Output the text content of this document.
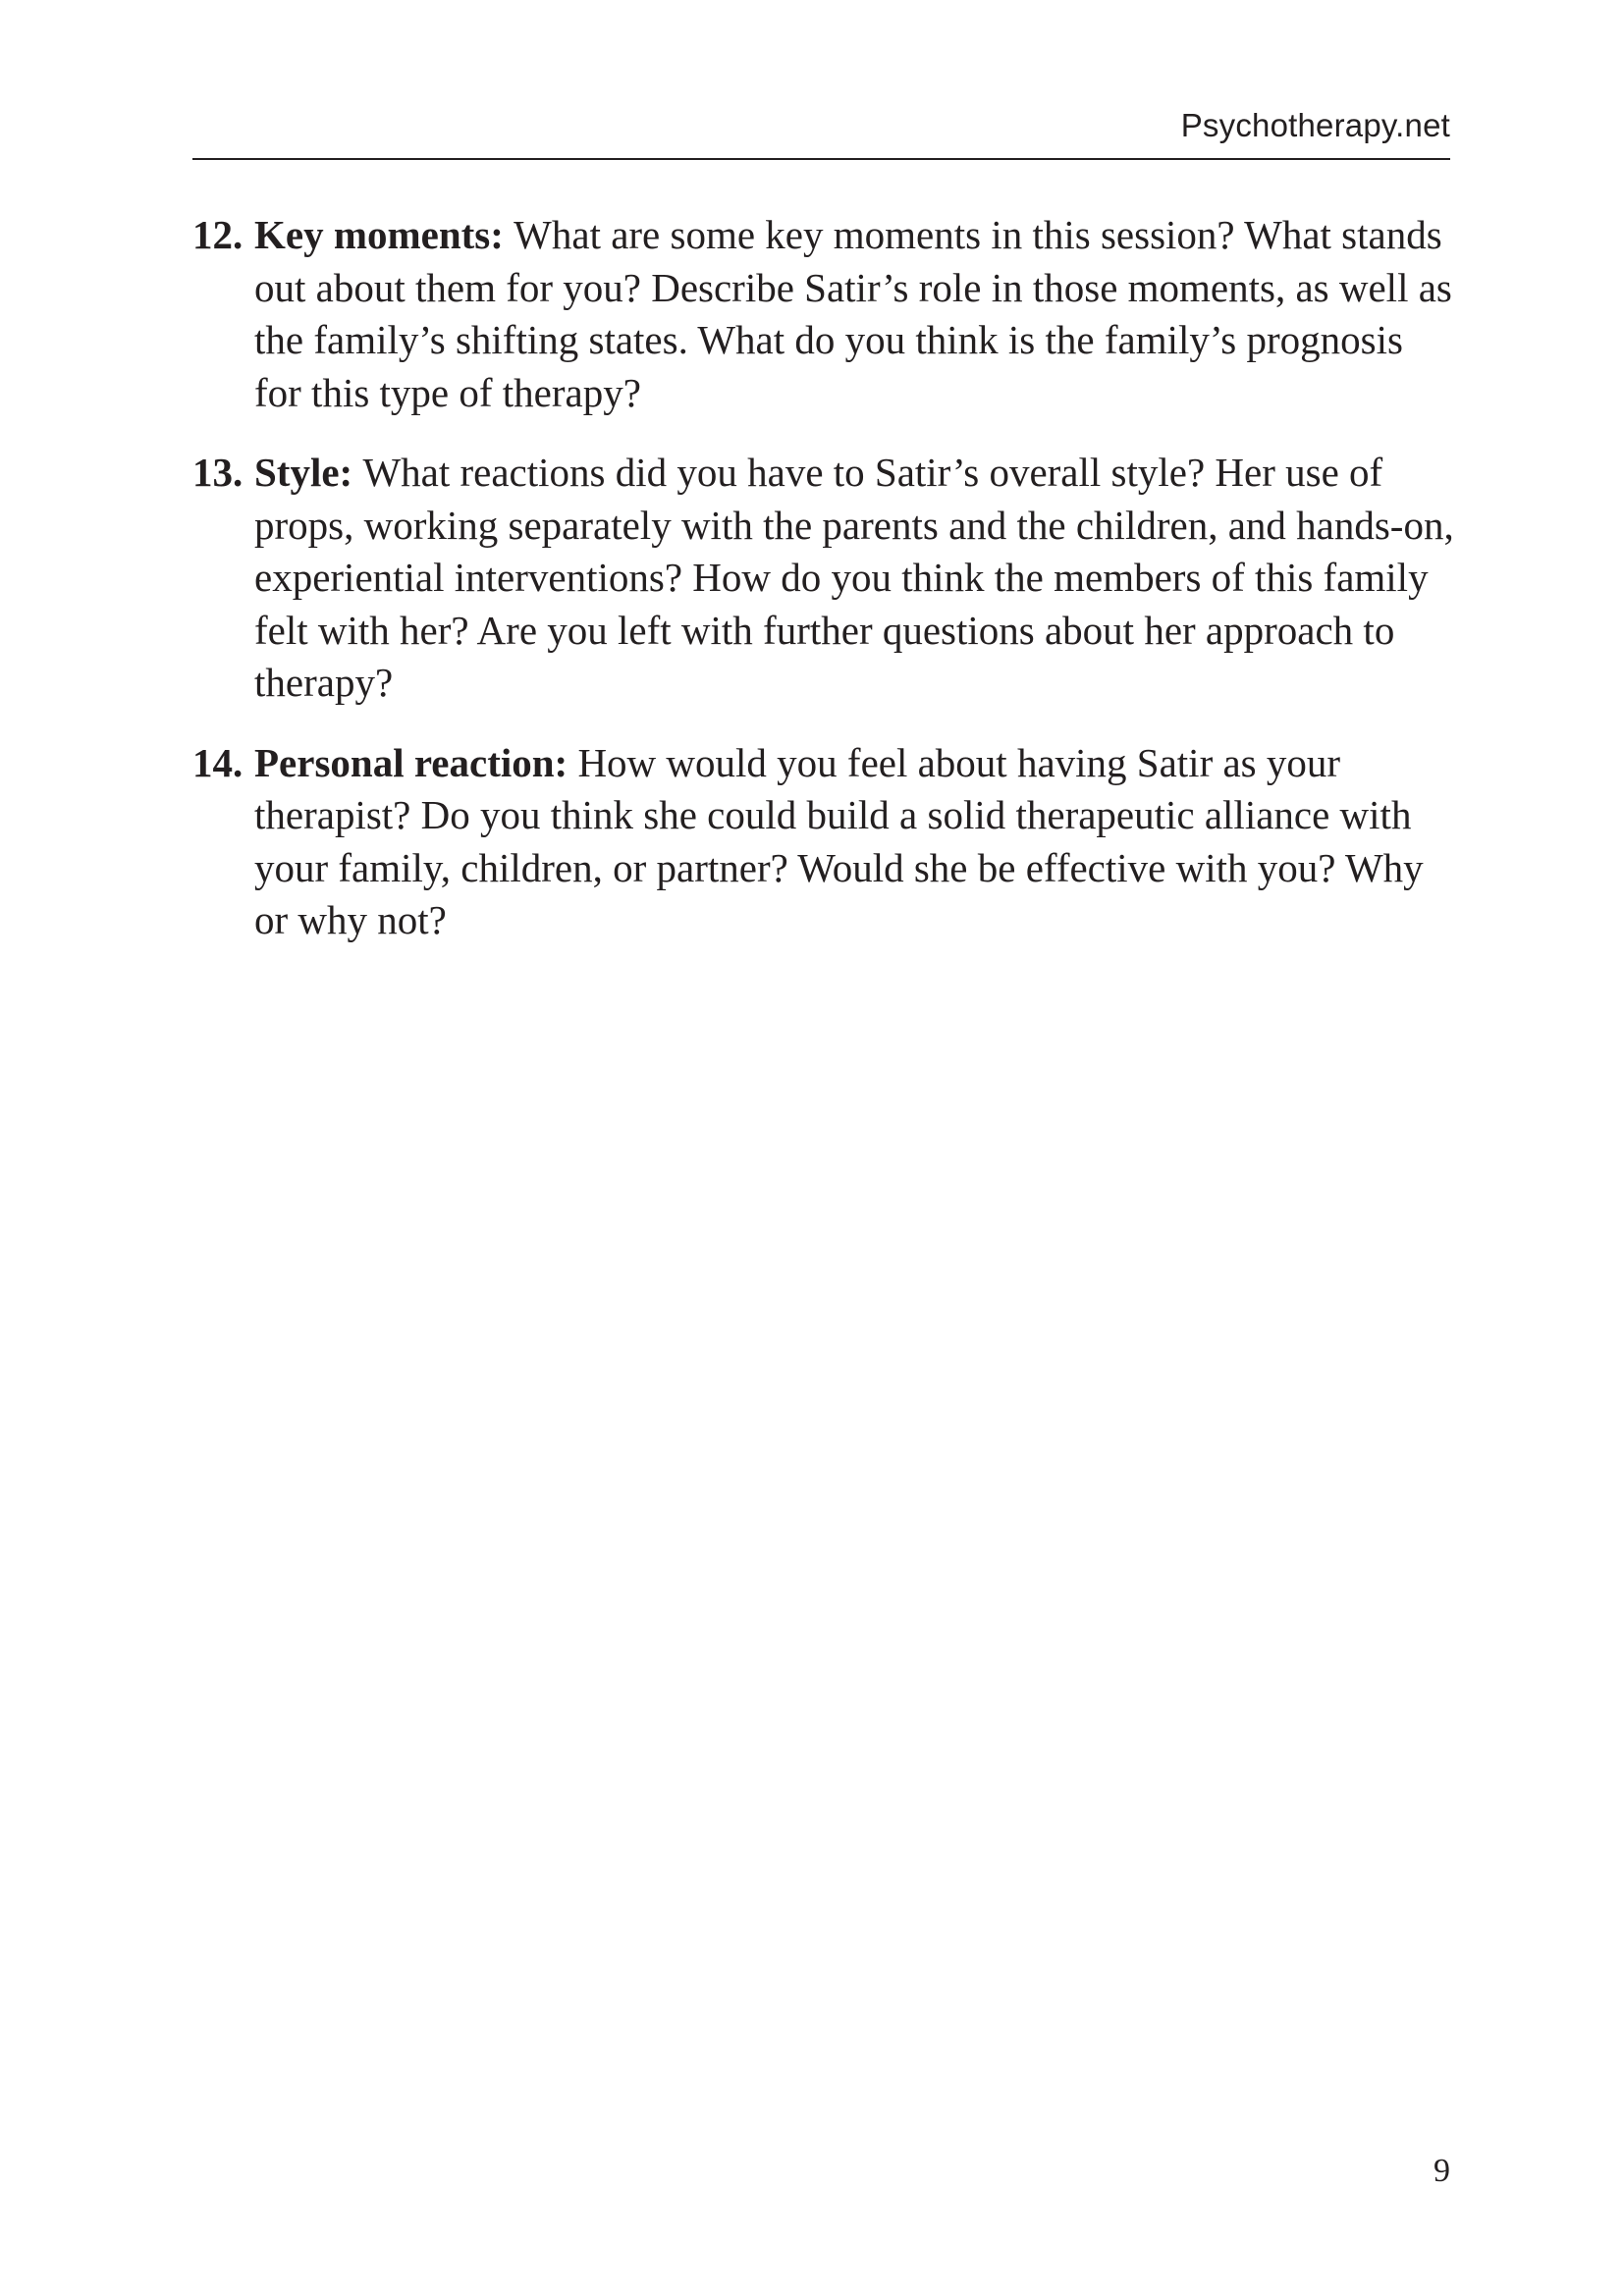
Psychotherapy.net
12. Key moments: What are some key moments in this session? What stands out about them for you? Describe Satir’s role in those moments, as well as the family’s shifting states. What do you think is the family’s prognosis for this type of therapy?
13. Style: What reactions did you have to Satir’s overall style? Her use of props, working separately with the parents and the children, and hands-on, experiential interventions? How do you think the members of this family felt with her? Are you left with further questions about her approach to therapy?
14. Personal reaction: How would you feel about having Satir as your therapist? Do you think she could build a solid therapeutic alliance with your family, children, or partner? Would she be effective with you? Why or why not?
9
